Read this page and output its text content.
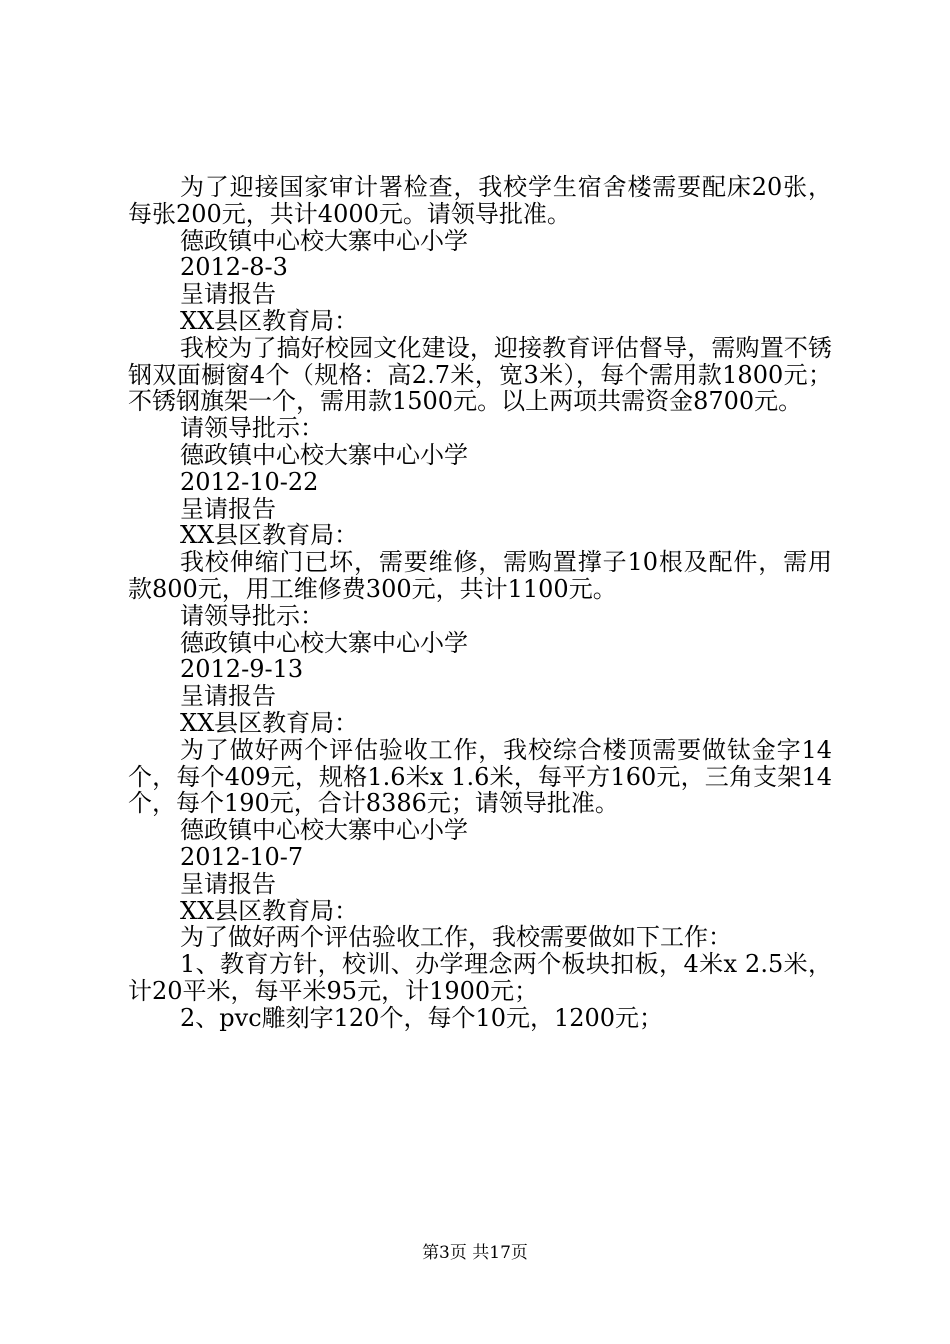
为了迎接国家审计署检查，我校学生宿舍楼需要配床20张，每张200元，共计4000元。请领导批准。
德政镇中心校大寨中心小学
2012-8-3
呈请报告
XX县区教育局：
我校为了搞好校园文化建设，迎接教育评估督导，需购置不锈钢双面橱窗4个（规格：高2.7米，宽3米），每个需用款1800元；不锈钢旗架一个，需用款1500元。以上两项共需资金8700元。
请领导批示：
德政镇中心校大寨中心小学
2012-10-22
呈请报告
XX县区教育局：
我校伸缩门已坏，需要维修，需购置撑子10根及配件，需用款800元，用工维修费300元，共计1100元。
请领导批示：
德政镇中心校大寨中心小学
2012-9-13
呈请报告
XX县区教育局：
为了做好两个评估验收工作，我校综合楼顶需要做钛金字14个，每个409元，规格1.6米x 1.6米，每平方160元，三角支架14个，每个190元，合计8386元；请领导批准。
德政镇中心校大寨中心小学
2012-10-7
呈请报告
XX县区教育局：
为了做好两个评估验收工作，我校需要做如下工作：
1、教育方针，校训、办学理念两个板块扣板，4米x 2.5米，计20平米，每平米95元，计1900元；
2、pvc雕刻字120个，每个10元，1200元；
第3页 共17页
